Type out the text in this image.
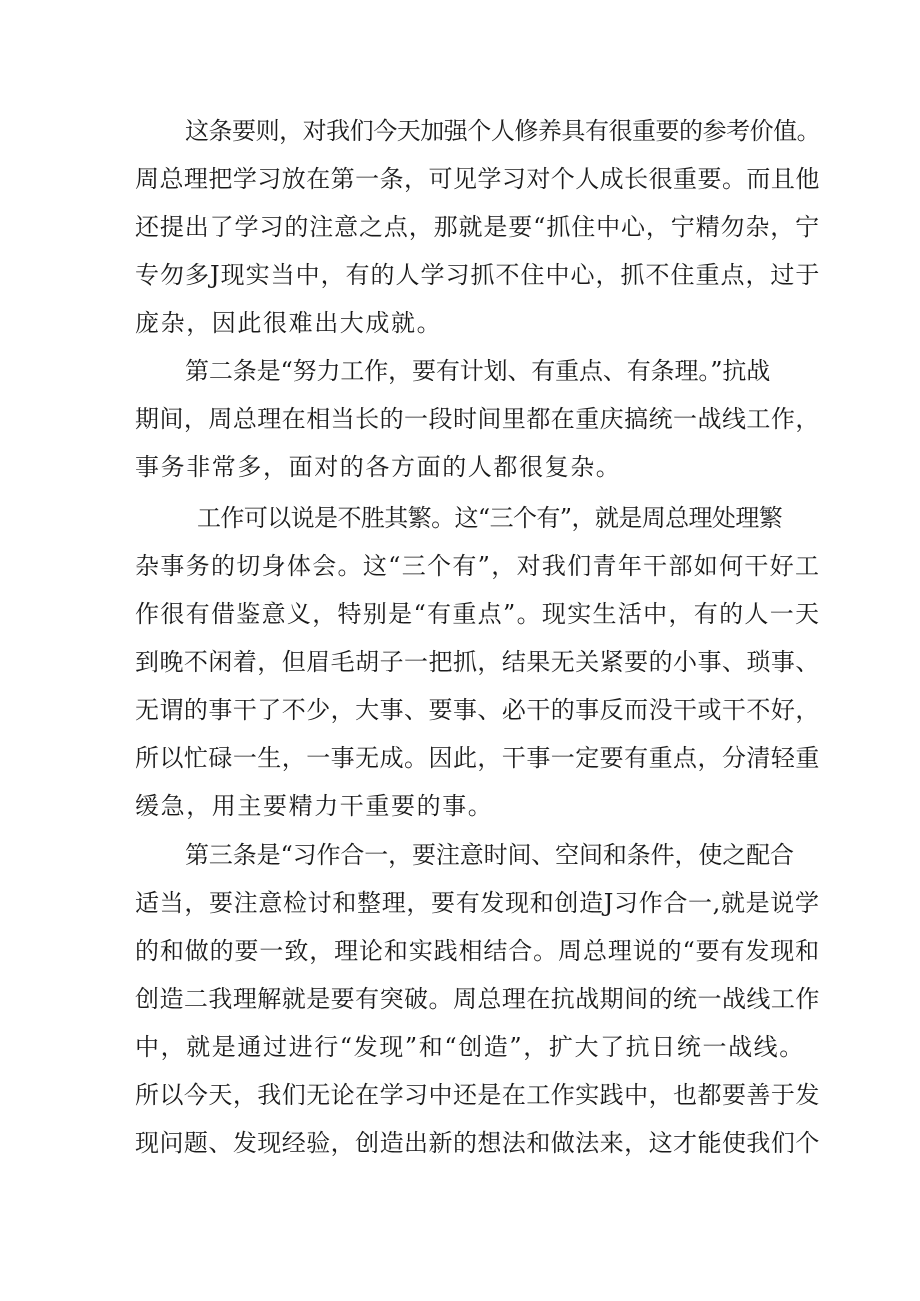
这条要则，对我们今天加强个人修养具有很重要的参考价值。
周总理把学习放在第一条，可见学习对个人成长很重要。而且他
还提出了学习的注意之点，那就是要“抓住中心，宁精勿杂，宁
专勿多J现实当中，有的人学习抓不住中心，抓不住重点，过于
庞杂，因此很难出大成就。
第二条是“努力工作，要有计划、有重点、有条理。”抗战
期间，周总理在相当长的一段时间里都在重庆搞统一战线工作，
事务非常多，面对的各方面的人都很复杂。
工作可以说是不胜其繁。这“三个有”，就是周总理处理繁
杂事务的切身体会。这“三个有”，对我们青年干部如何干好工
作很有借鉴意义，特别是“有重点”。现实生活中，有的人一天
到晚不闲着，但眉毛胡子一把抓，结果无关紧要的小事、琐事、
无谓的事干了不少，大事、要事、必干的事反而没干或干不好，
所以忙碌一生，一事无成。因此，干事一定要有重点，分清轻重
缓急，用主要精力干重要的事。
第三条是“习作合一，要注意时间、空间和条件，使之配合
适当，要注意检讨和整理，要有发现和创造J习作合一,就是说学
的和做的要一致，理论和实践相结合。周总理说的“要有发现和
创造二我理解就是要有突破。周总理在抗战期间的统一战线工作
中，就是通过进行“发现”和“创造”，扩大了抗日统一战线。
所以今天，我们无论在学习中还是在工作实践中，也都要善于发
现问题、发现经验，创造出新的想法和做法来，这才能使我们个
